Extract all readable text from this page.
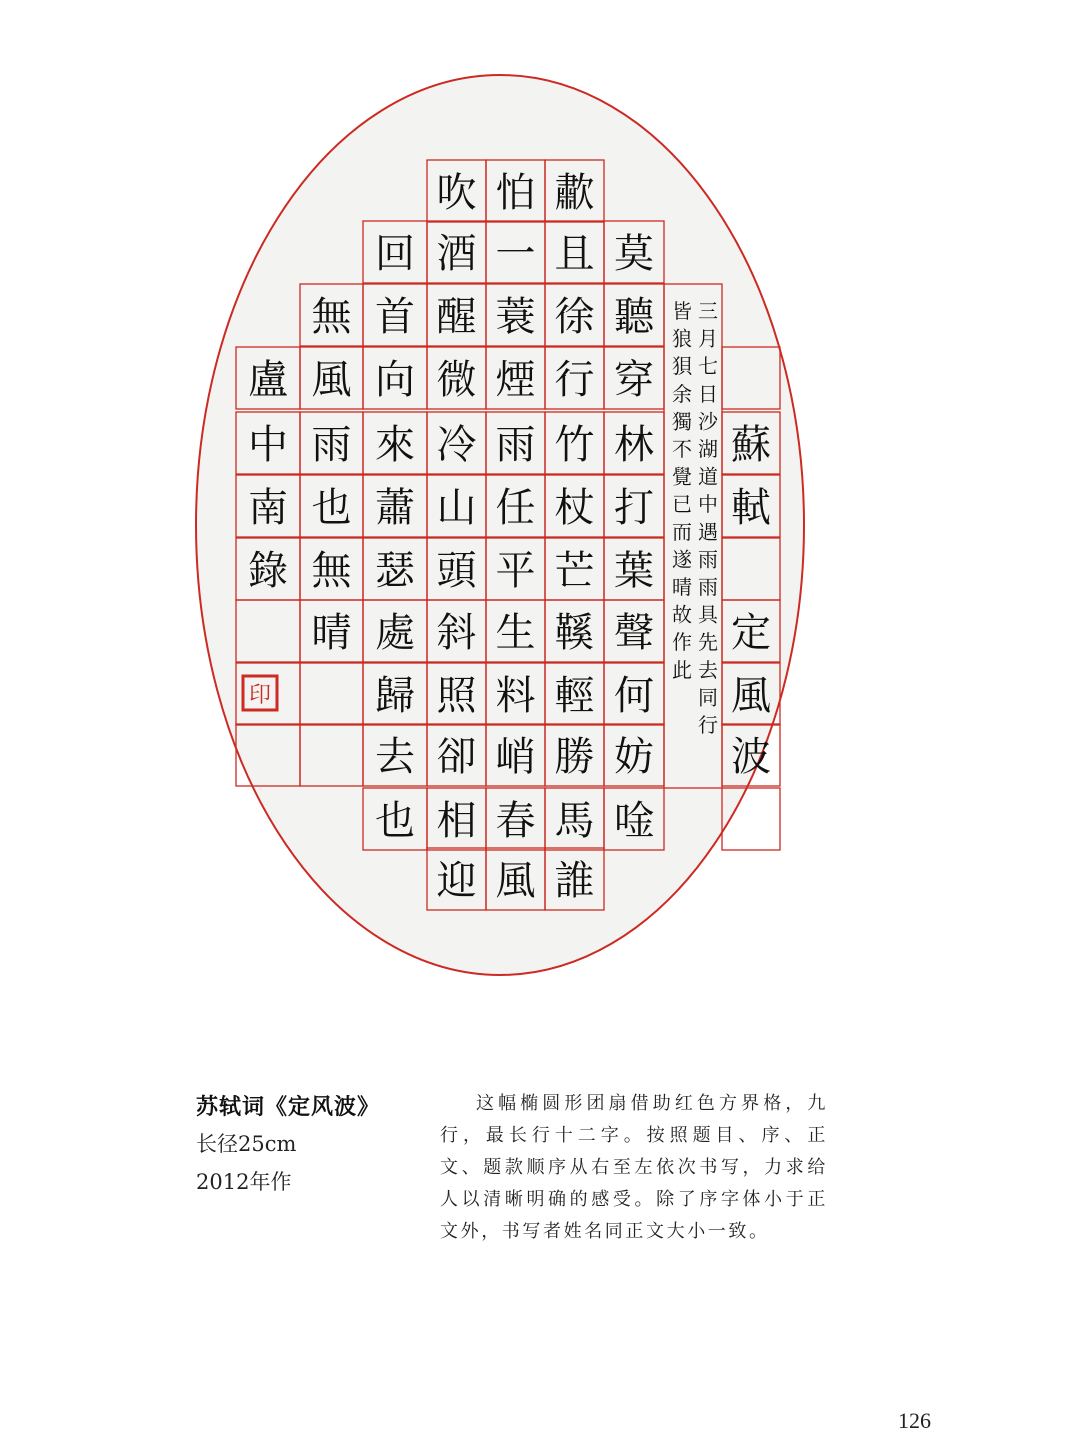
蘇
軾
定
風
波
莫
聽
穿
林
打
葉
聲
何
妨
唫
歗
且
徐
行
竹
杖
芒
鞵
輕
勝
馬
誰
怕
一
蓑
煙
雨
任
平
生
料
峭
春
風
吹
酒
醒
微
冷
山
頭
斜
照
卻
相
迎
回
首
向
來
蕭
瑟
處
歸
去
也
無
風
雨
也
無
晴
盧
中
南
錄
三
月
七
日
沙
湖
道
中
遇
雨
雨
具
先
去
同
行
皆
狼
狽
余
獨
不
覺
已
而
遂
晴
故
作
此
印
苏轼词《定风波》
长径25cm
2012年作

这幅椭圆形团扇借助红色方界格，九行，最长行十二字。按照题目、序、正文、题款顺序从右至左依次书写，力求给人以清晰明确的感受。除了序字体小于正文外，书写者姓名同正文大小一致。

126
